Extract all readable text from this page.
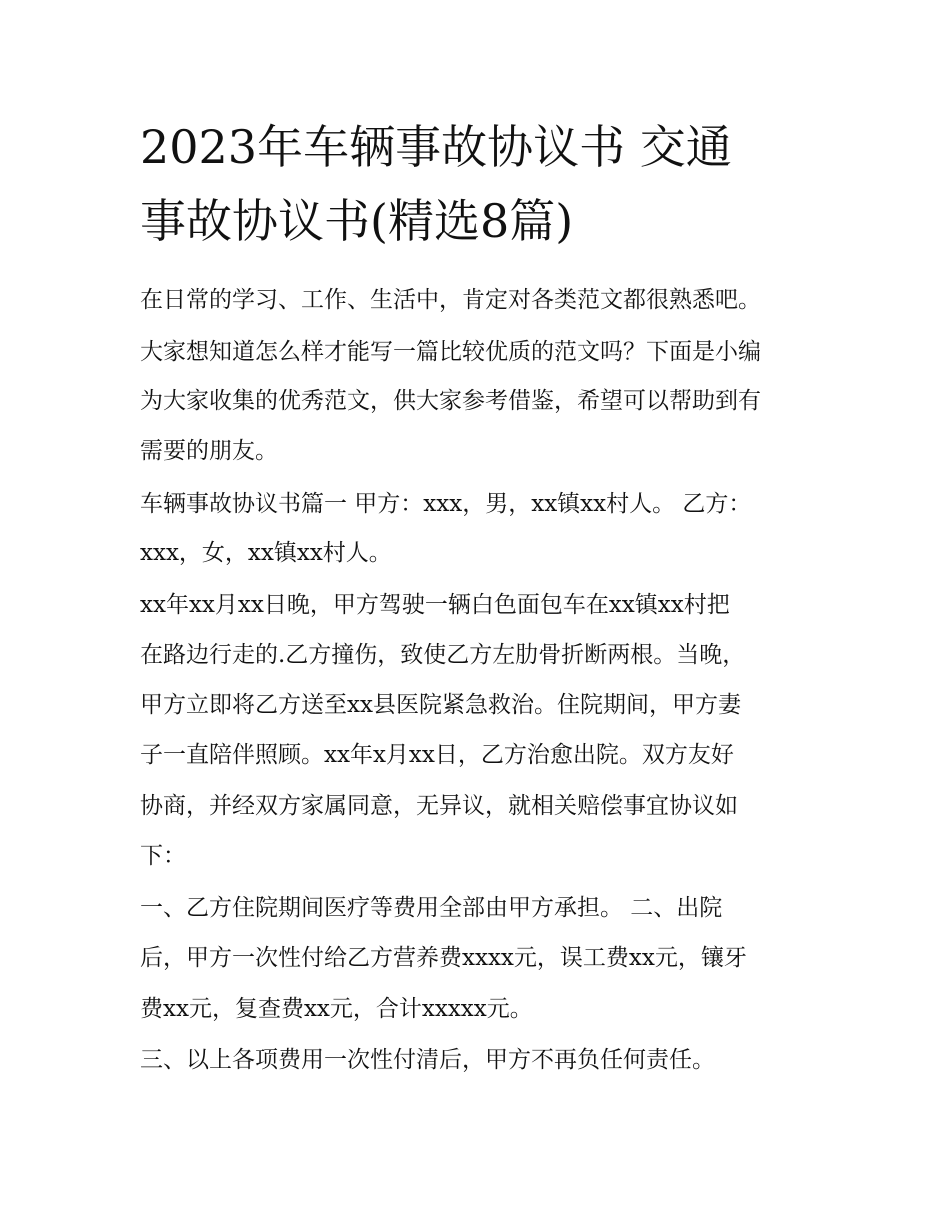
2023年车辆事故协议书 交通
事故协议书(精选8篇)

在日常的学习、工作、生活中，肯定对各类范文都很熟悉吧。

大家想知道怎么样才能写一篇比较优质的范文吗？下面是小编

为大家收集的优秀范文，供大家参考借鉴，希望可以帮助到有

需要的朋友。

车辆事故协议书篇一 甲方：xxx，男，xx镇xx村人。 乙方：

xxx，女，xx镇xx村人。

xx年xx月xx日晚，甲方驾驶一辆白色面包车在xx镇xx村把

在路边行走的.乙方撞伤，致使乙方左肋骨折断两根。当晚，

甲方立即将乙方送至xx县医院紧急救治。住院期间，甲方妻

子一直陪伴照顾。xx年x月xx日，乙方治愈出院。双方友好

协商，并经双方家属同意，无异议，就相关赔偿事宜协议如

下：

一、乙方住院期间医疗等费用全部由甲方承担。 二、出院

后，甲方一次性付给乙方营养费xxxx元，误工费xx元，镶牙

费xx元，复查费xx元，合计xxxxx元。

三、以上各项费用一次性付清后，甲方不再负任何责任。
